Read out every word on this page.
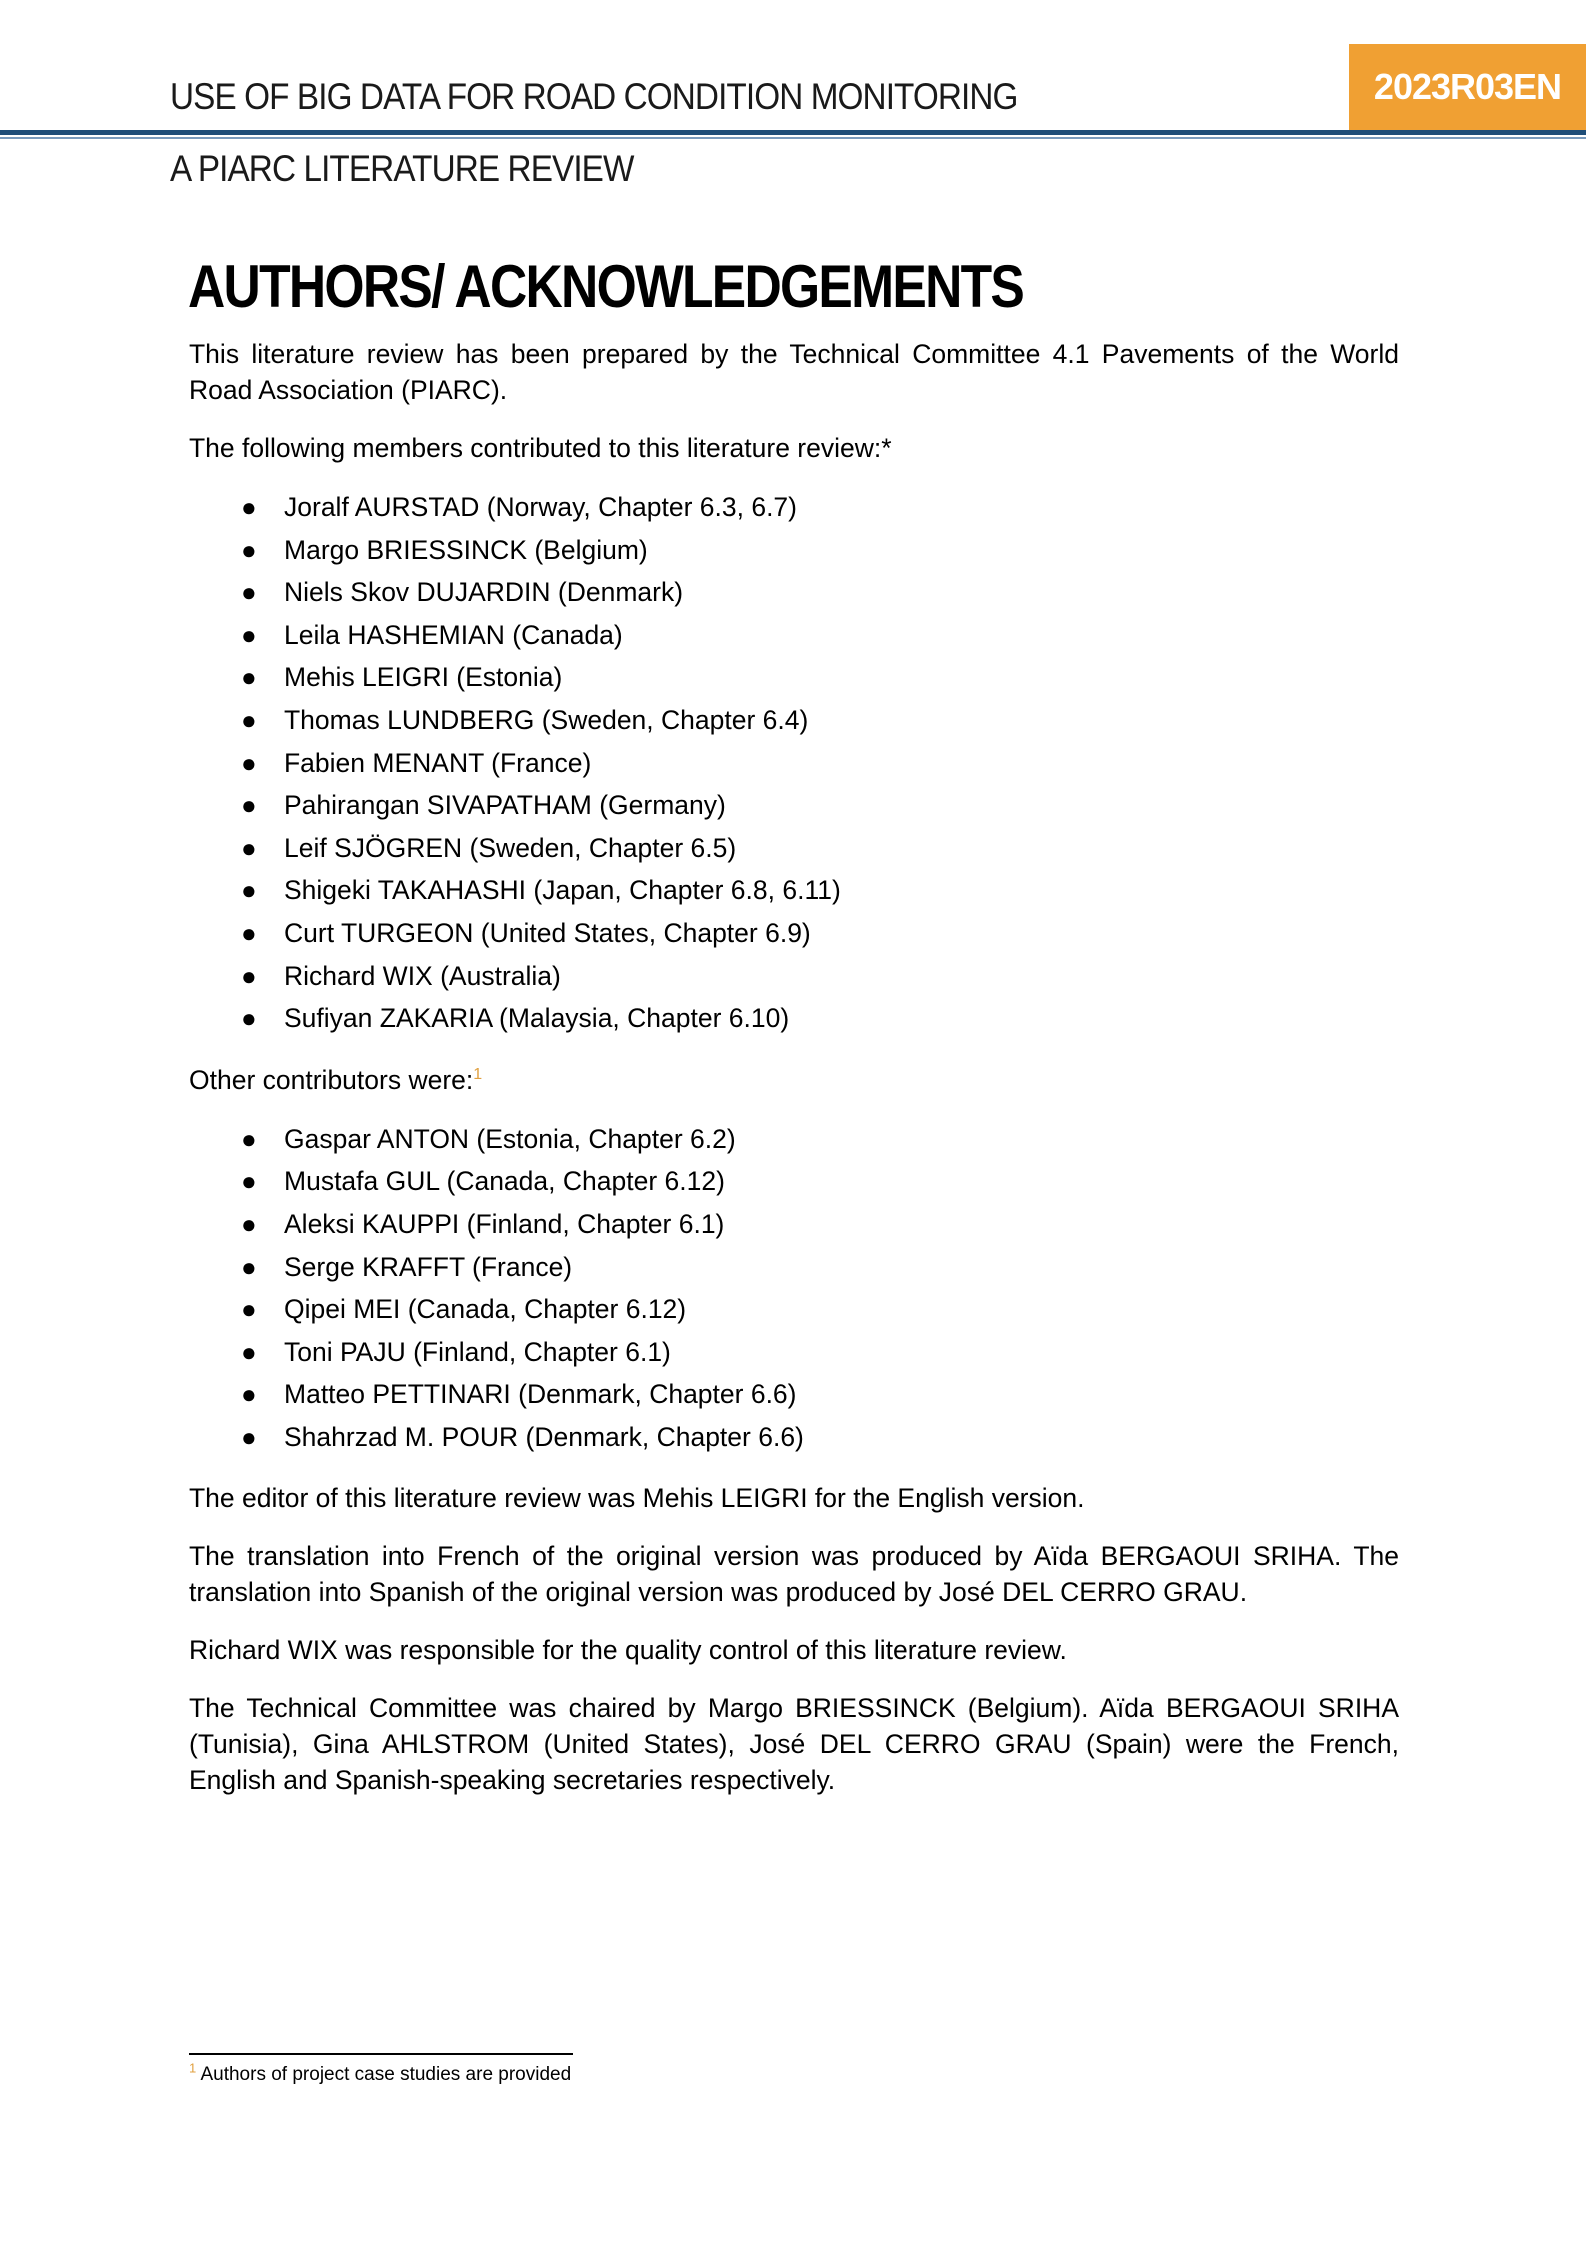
USE OF BIG DATA FOR ROAD CONDITION MONITORING	2023R03EN
A PIARC LITERATURE REVIEW
AUTHORS/ ACKNOWLEDGEMENTS

This literature review has been prepared by the Technical Committee 4.1 Pavements of the World Road Association (PIARC).

The following members contributed to this literature review:*

● Joralf AURSTAD (Norway, Chapter 6.3, 6.7)
● Margo BRIESSINCK (Belgium)
● Niels Skov DUJARDIN (Denmark)
● Leila HASHEMIAN (Canada)
● Mehis LEIGRI (Estonia)
● Thomas LUNDBERG (Sweden, Chapter 6.4)
● Fabien MENANT (France)
● Pahirangan SIVAPATHAM (Germany)
● Leif SJÖGREN (Sweden, Chapter 6.5)
● Shigeki TAKAHASHI (Japan, Chapter 6.8, 6.11)
● Curt TURGEON (United States, Chapter 6.9)
● Richard WIX (Australia)
● Sufiyan ZAKARIA (Malaysia, Chapter 6.10)

Other contributors were:$^1$

● Gaspar ANTON (Estonia, Chapter 6.2)
● Mustafa GUL (Canada, Chapter 6.12)
● Aleksi KAUPPI (Finland, Chapter 6.1)
● Serge KRAFFT (France)
● Qipei MEI (Canada, Chapter 6.12)
● Toni PAJU (Finland, Chapter 6.1)
● Matteo PETTINARI (Denmark, Chapter 6.6)
● Shahrzad M. POUR (Denmark, Chapter 6.6)

The editor of this literature review was Mehis LEIGRI for the English version.

The translation into French of the original version was produced by Aïda BERGAOUI SRIHA. The translation into Spanish of the original version was produced by José DEL CERRO GRAU.

Richard WIX was responsible for the quality control of this literature review.

The Technical Committee was chaired by Margo BRIESSINCK (Belgium). Aïda BERGAOUI SRIHA (Tunisia), Gina AHLSTROM (United States), José DEL CERRO GRAU (Spain) were the French, English and Spanish-speaking secretaries respectively.

$^1$ Authors of project case studies are provided
